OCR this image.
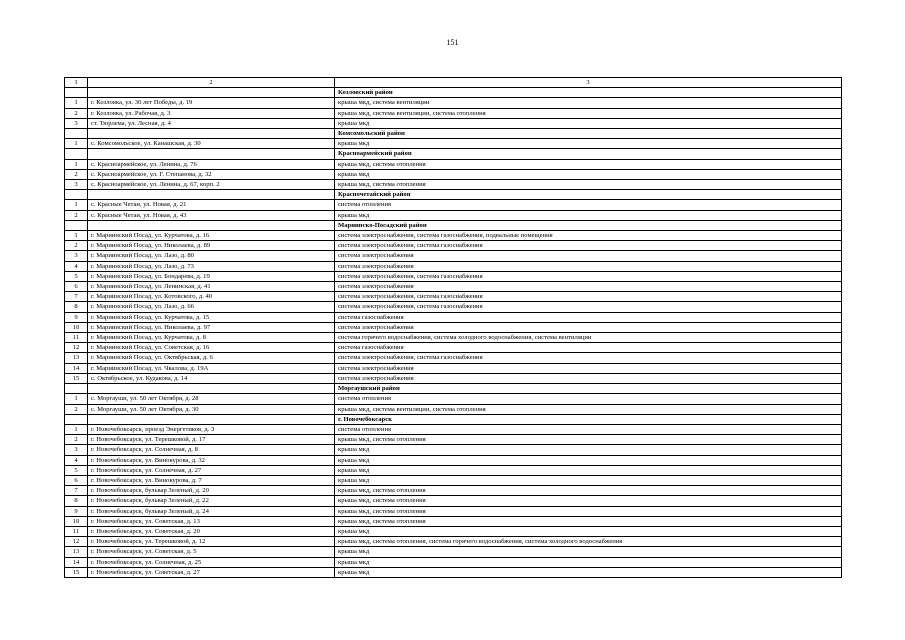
151
1	2	3
		Козловский район
1	г. Козловка, ул. 30 лет Победы, д. 19	крыша мкд, система вентиляции
2	г. Козловка, ул. Рабочая, д. 3	крыша мкд, система вентиляции, система отопления
3	ст. Тюрлема, ул. Лесная, д. 4	крыша мкд
		Комсомольский район
1	с. Комсомольское, ул. Канашская, д. 30	крыша мкд
		Красноармейский район
1	с. Красноармейское, ул. Ленина, д. 76	крыша мкд, система отопления
2	с. Красноармейское, ул. Г. Степанова, д. 32	крыша мкд
3	с. Красноармейское, ул. Ленина, д. 67, корп. 2	крыша мкд, система отопления
		Красночетайский район
1	с. Красные Четаи, ул. Новая, д. 21	система отопления
2	с. Красные Четаи, ул. Новая, д. 43	крыша мкд
		Мариинско-Посадский район
1	г. Мариинский Посад, ул. Курчатова, д. 16	система электроснабжения, система газоснабжения, подвальные помещения
2	г. Мариинский Посад, ул. Николаева, д. 89	система электроснабжения, система газоснабжения
3	г. Мариинский Посад, ул. Лазо, д. 80	система электроснабжения
4	г. Мариинский Посад, ул. Лазо, д. 73	система электроснабжения
5	г. Мариинский Посад, ул. Бондарева, д. 19	система электроснабжения, система газоснабжения
6	г. Мариинский Посад, ул. Ленинская, д. 41	система электроснабжения
7	г. Мариинский Посад, ул. Котовского, д. 40	система электроснабжения, система газоснабжения
8	г. Мариинский Посад, ул. Лазо, д. 66	система электроснабжения, система газоснабжения
9	г. Мариинский Посад, ул. Курчатова, д. 15	система газоснабжения
10	г. Мариинский Посад, ул. Николаева, д. 97	система электроснабжения
11	г. Мариинский Посад, ул. Курчатова, д. 8	система горячего водоснабжения, система холодного водоснабжения, система вентиляции
12	г. Мариинский Посад, ул. Советская, д. 16	система газоснабжения
13	г. Мариинский Посад, ул. Октябрьская, д. 6	система электроснабжения, система газоснабжения
14	г. Мариинский Посад, ул. Чкалова, д. 19А	система электроснабжения
15	с. Октябрьское, ул. Кудакова, д. 14	система электроснабжения
		Моргаушский район
1	с. Моргауши, ул. 50 лет Октября, д. 28	система отопления
2	с. Моргауши, ул. 50 лет Октября, д. 30	крыша мкд, система вентиляции, система отопления
		г. Новочебоксарск
1	г. Новочебоксарск, проезд Энергетиков, д. 3	система отопления
2	г. Новочебоксарск, ул. Терешковой, д. 17	крыша мкд, система отопления
3	г. Новочебоксарск, ул. Солнечная, д. 8	крыша мкд
4	г. Новочебоксарск, ул. Винокурова, д. 32	крыша мкд
5	г. Новочебоксарск, ул. Солнечная, д. 27	крыша мкд
6	г. Новочебоксарск, ул. Винокурова, д. 7	крыша мкд
7	г. Новочебоксарск, бульвар Зеленый, д. 20	крыша мкд, система отопления
8	г. Новочебоксарск, бульвар Зеленый, д. 22	крыша мкд, система отопления
9	г. Новочебоксарск, бульвар Зеленый, д. 24	крыша мкд, система отопления
10	г. Новочебоксарск, ул. Советская, д. 13	крыша мкд, система отопления
11	г. Новочебоксарск, ул. Советская, д. 20	крыша мкд
12	г. Новочебоксарск, ул. Терешковой, д. 12	крыша мкд, система отопления, система горячего водоснабжения, система холодного водоснабжения
13	г. Новочебоксарск, ул. Советская, д. 5	крыша мкд
14	г. Новочебоксарск, ул. Солнечная, д. 25	крыша мкд
15	г. Новочебоксарск, ул. Советская, д. 27	крыша мкд
